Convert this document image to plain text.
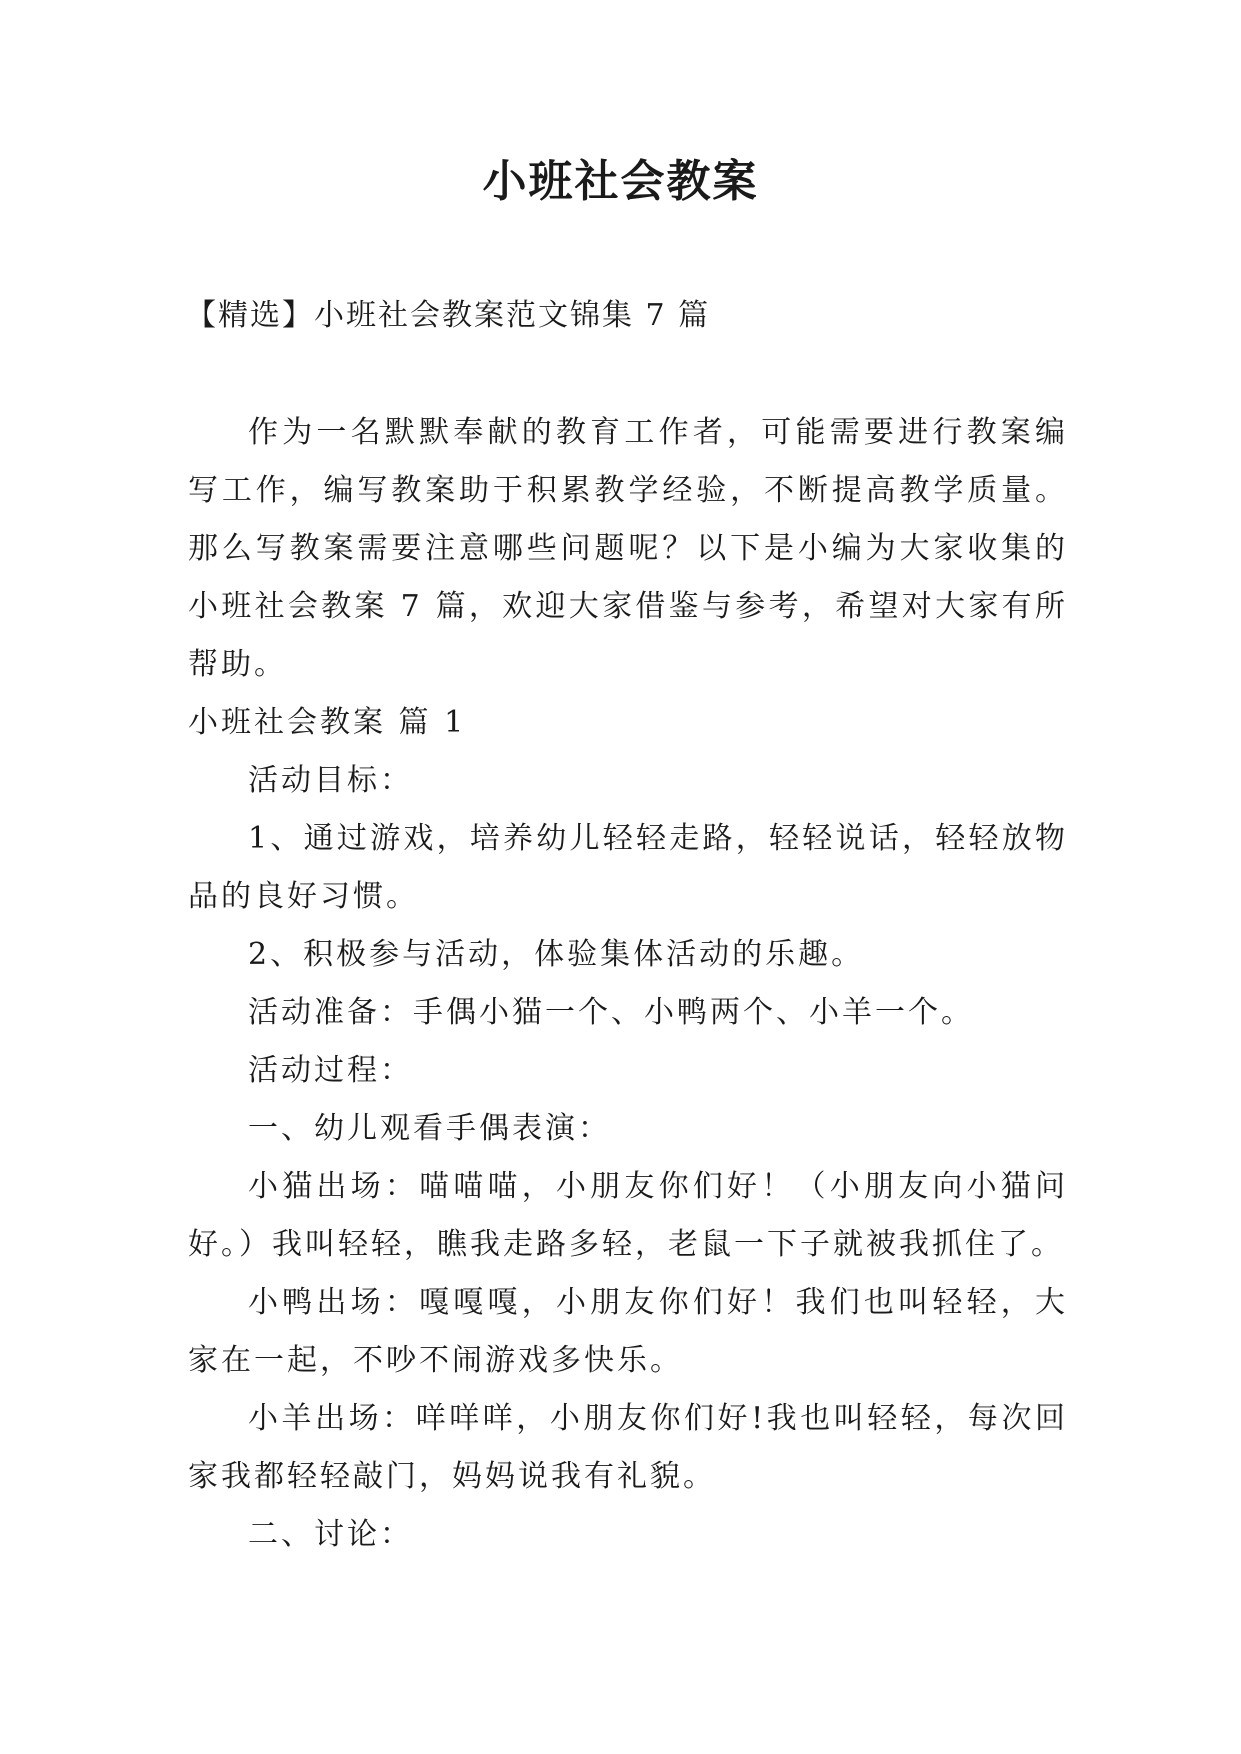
小班社会教案
【精选】小班社会教案范文锦集 7 篇

作为一名默默奉献的教育工作者，可能需要进行教案编写工作，编写教案助于积累教学经验，不断提高教学质量。那么写教案需要注意哪些问题呢？以下是小编为大家收集的小班社会教案 7 篇，欢迎大家借鉴与参考，希望对大家有所帮助。

小班社会教案 篇 1

活动目标：

1、通过游戏，培养幼儿轻轻走路，轻轻说话，轻轻放物品的良好习惯。

2、积极参与活动，体验集体活动的乐趣。

活动准备：手偶小猫一个、小鸭两个、小羊一个。

活动过程：

一、幼儿观看手偶表演：

小猫出场：喵喵喵，小朋友你们好！（小朋友向小猫问好。）我叫轻轻，瞧我走路多轻，老鼠一下子就被我抓住了。

小鸭出场：嘎嘎嘎，小朋友你们好！我们也叫轻轻，大家在一起，不吵不闹游戏多快乐。

小羊出场：咩咩咩，小朋友你们好!我也叫轻轻，每次回家我都轻轻敲门，妈妈说我有礼貌。

二、讨论：
